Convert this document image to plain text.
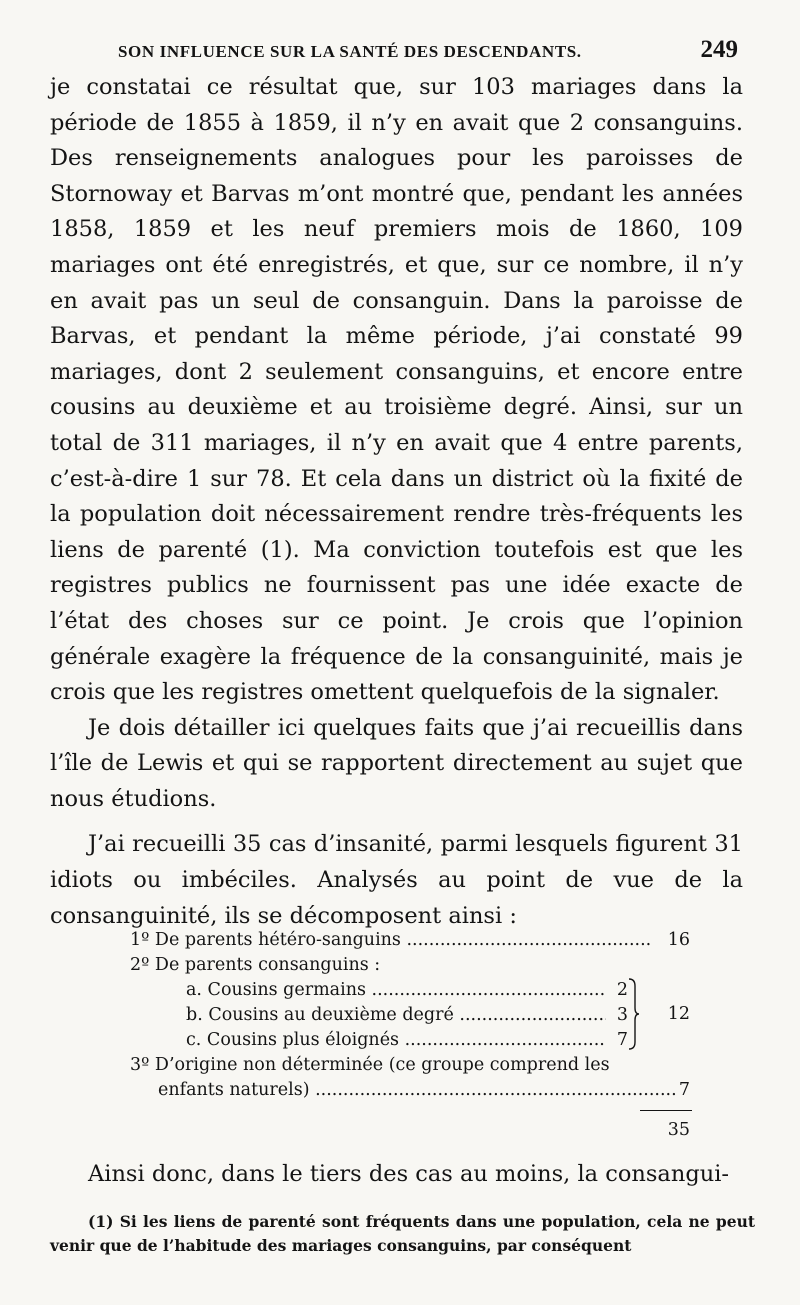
SON INFLUENCE SUR LA SANTÉ DES DESCENDANTS.	249

je constatai ce résultat que, sur 103 mariages dans la période de 1855 à 1859, il n’y en avait que 2 consanguins. Des renseignements analogues pour les paroisses de Stornoway et Barvas m’ont montré que, pendant les années 1858, 1859 et les neuf premiers mois de 1860, 109 mariages ont été enregistrés, et que, sur ce nombre, il n’y en avait pas un seul de consanguin. Dans la paroisse de Barvas, et pendant la même période, j’ai constaté 99 mariages, dont 2 seulement consanguins, et encore entre cousins au deuxième et au troisième degré. Ainsi, sur un total de 311 mariages, il n’y en avait que 4 entre parents, c’est-à-dire 1 sur 78. Et cela dans un district où la fixité de la population doit nécessairement rendre très-fréquents les liens de parenté (1). Ma conviction toutefois est que les registres publics ne fournissent pas une idée exacte de l’état des choses sur ce point. Je crois que l’opinion générale exagère la fréquence de la consanguinité, mais je crois que les registres omettent quelquefois de la signaler.

Je dois détailler ici quelques faits que j’ai recueillis dans l’île de Lewis et qui se rapportent directement au sujet que nous étudions.

J’ai recueilli 35 cas d’insanité, parmi lesquels figurent 31 idiots ou imbéciles. Analysés au point de vue de la consanguinité, ils se décomposent ainsi :

1º De parents hétéro-sanguins .....	16
2º De parents consanguins :
a. Cousins germains .....	2
b. Cousins au deuxième degré .....	3
c. Cousins plus éloignés .....	7
12
3º D’origine non déterminée (ce groupe comprend les
enfants naturels) .....	7
35
Ainsi donc, dans le tiers des cas au moins, la consangui-
(1) Si les liens de parenté sont fréquents dans une population, cela ne peut venir que de l’habitude des mariages consanguins, par conséquent
